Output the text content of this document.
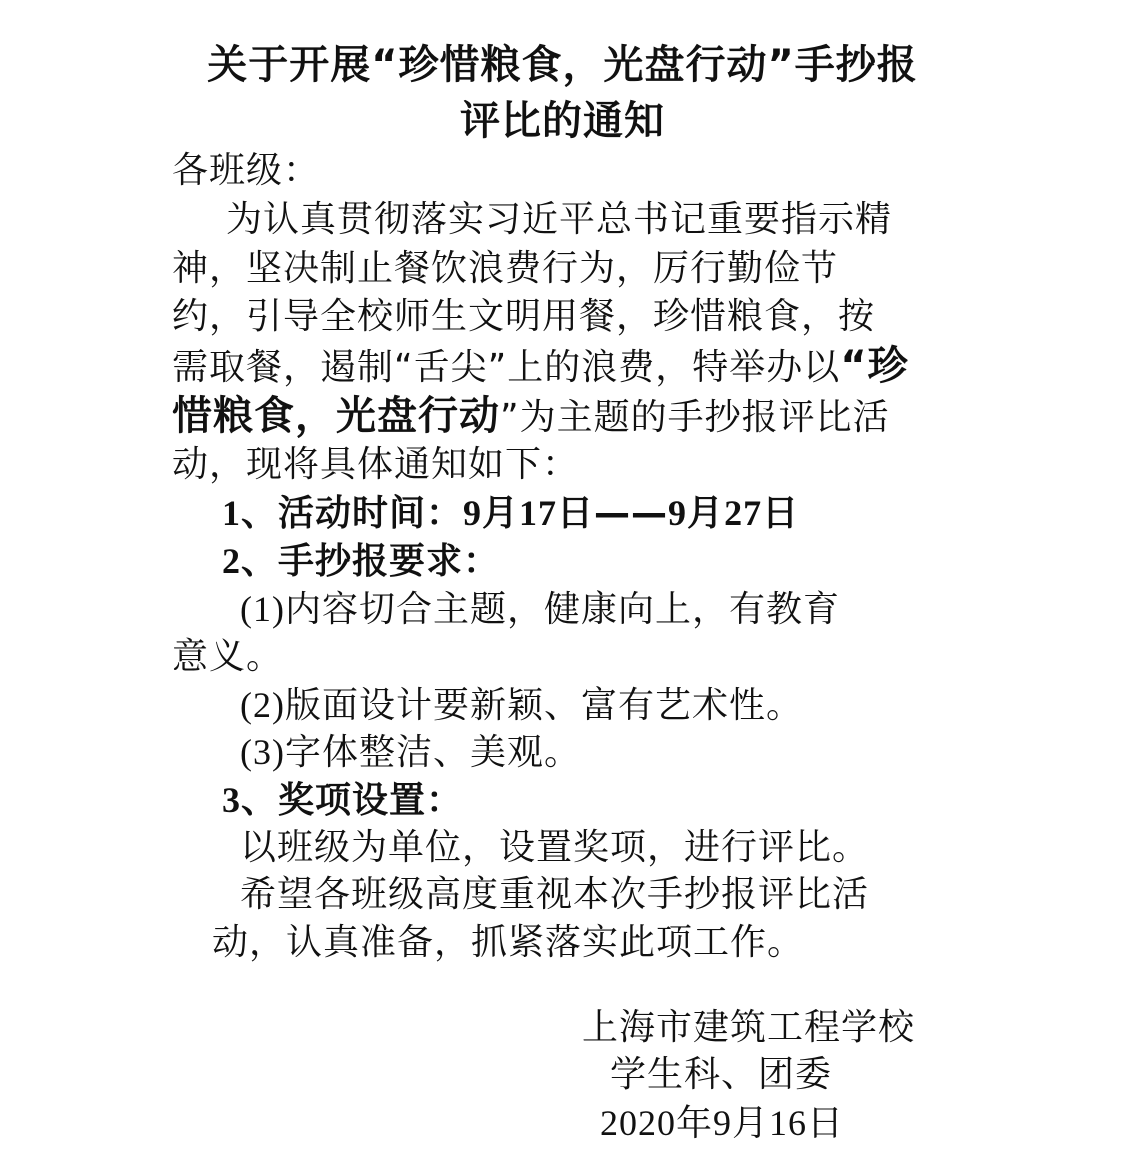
关于开展“珍惜粮食，光盘行动”手抄报
评比的通知
各班级：
为认真贯彻落实习近平总书记重要指示精
神，坚决制止餐饮浪费行为，厉行勤俭节
约，引导全校师生文明用餐，珍惜粮食，按
需取餐，遏制“舌尖”上的浪费，特举办以“珍
惜粮食，光盘行动”为主题的手抄报评比活
动，现将具体通知如下：
1、活动时间：9月17日——9月27日
2、手抄报要求：
(1)内容切合主题，健康向上，有教育
意义。
(2)版面设计要新颖、富有艺术性。
(3)字体整洁、美观。
3、奖项设置：
以班级为单位，设置奖项，进行评比。
希望各班级高度重视本次手抄报评比活
动，认真准备，抓紧落实此项工作。
上海市建筑工程学校
学生科、团委
2020年9月16日
